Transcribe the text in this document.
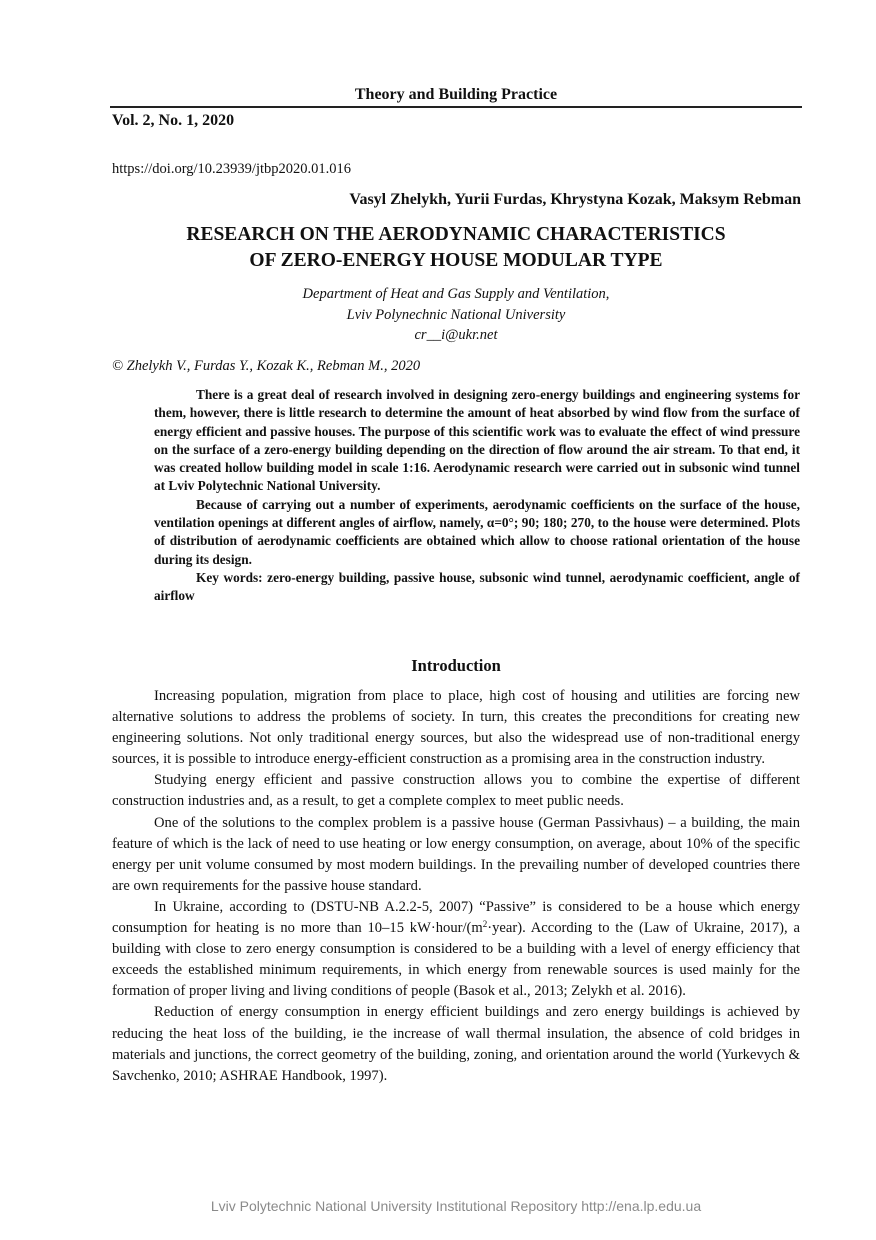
Theory and Building Practice
Vol. 2, No. 1, 2020
https://doi.org/10.23939/jtbp2020.01.016
Vasyl Zhelykh, Yurii Furdas, Khrystyna Kozak, Maksym Rebman
RESEARCH ON THE AERODYNAMIC CHARACTERISTICS
OF ZERO-ENERGY HOUSE MODULAR TYPE
Department of Heat and Gas Supply and Ventilation,
Lviv Polynechnic National University
cr__i@ukr.net
© Zhelykh V., Furdas Y., Kozak K., Rebman M., 2020

There is a great deal of research involved in designing zero-energy buildings and engineering systems for them, however, there is little research to determine the amount of heat absorbed by wind flow from the surface of energy efficient and passive houses. The purpose of this scientific work was to evaluate the effect of wind pressure on the surface of a zero-energy building depending on the direction of flow around the air stream. To that end, it was created hollow building model in scale 1:16. Aerodynamic research were carried out in subsonic wind tunnel at Lviv Polytechnic National University.

Because of carrying out a number of experiments, aerodynamic coefficients on the surface of the house, ventilation openings at different angles of airflow, namely, α=0°; 90; 180; 270, to the house were determined. Plots of distribution of aerodynamic coefficients are obtained which allow to choose rational orientation of the house during its design.

Key words: zero-energy building, passive house, subsonic wind tunnel, aerodynamic coefficient, angle of airflow

Introduction

Increasing population, migration from place to place, high cost of housing and utilities are forcing new alternative solutions to address the problems of society. In turn, this creates the preconditions for creating new engineering solutions. Not only traditional energy sources, but also the widespread use of non-traditional energy sources, it is possible to introduce energy-efficient construction as a promising area in the construction industry.

Studying energy efficient and passive construction allows you to combine the expertise of different construction industries and, as a result, to get a complete complex to meet public needs.

One of the solutions to the complex problem is a passive house (German Passivhaus) – a building, the main feature of which is the lack of need to use heating or low energy consumption, on average, about 10% of the specific energy per unit volume consumed by most modern buildings. In the prevailing number of developed countries there are own requirements for the passive house standard.

In Ukraine, according to (DSTU-NB A.2.2-5, 2007) “Passive” is considered to be a house which energy consumption for heating is no more than 10–15 $kW\cdot hour/(m^2\cdot year)$. According to the (Law of Ukraine, 2017), a building with close to zero energy consumption is considered to be a building with a level of energy efficiency that exceeds the established minimum requirements, in which energy from renewable sources is used mainly for the formation of proper living and living conditions of people (Basok et al., 2013; Zelykh et al. 2016).

Reduction of energy consumption in energy efficient buildings and zero energy buildings is achieved by reducing the heat loss of the building, ie the increase of wall thermal insulation, the absence of cold bridges in materials and junctions, the correct geometry of the building, zoning, and orientation around the world (Yurkevych & Savchenko, 2010; ASHRAE Handbook, 1997).

Lviv Polytechnic National University Institutional Repository http://ena.lp.edu.ua
